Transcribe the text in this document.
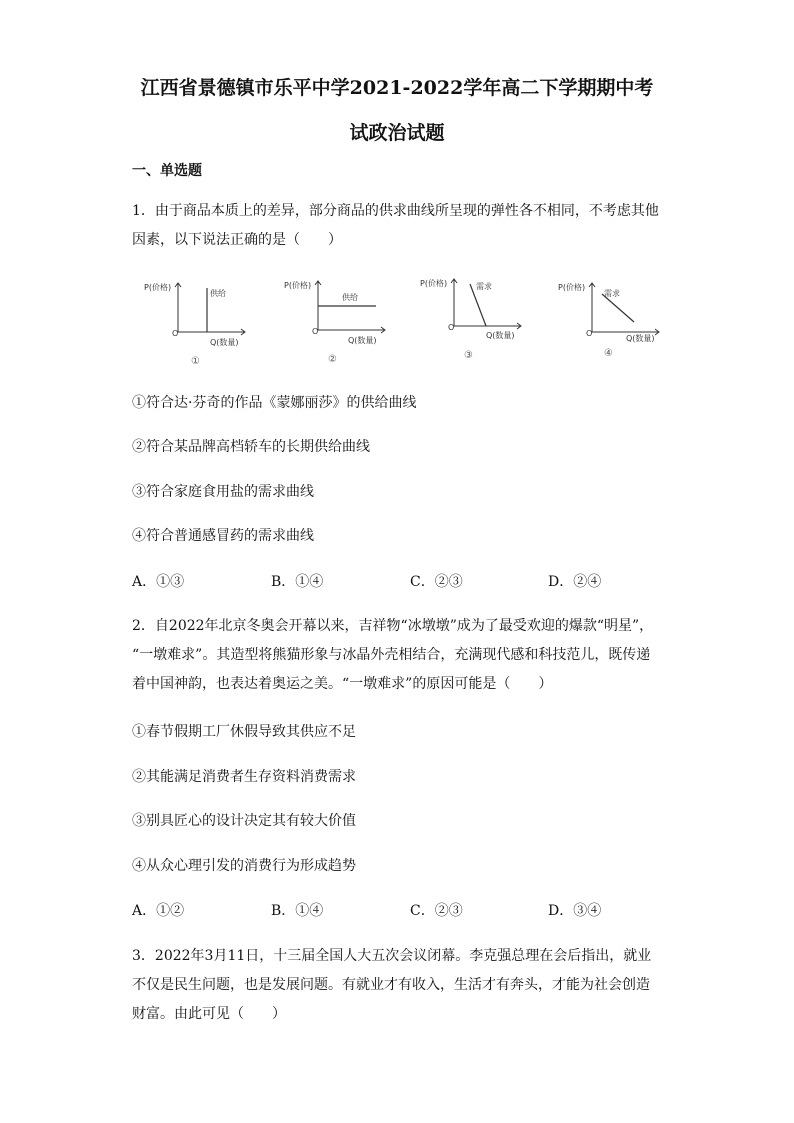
江西省景德镇市乐平中学2021-2022学年高二下学期期中考
试政治试题
一、单选题
1．由于商品本质上的差异，部分商品的供求曲线所呈现的弹性各不相同，不考虑其他
因素，以下说法正确的是（　　）
P(价格)
O
供给
Q(数量)
①
P(价格)
O
供给
Q(数量)
②
P(价格)
O
需求
Q(数量)
③
P(价格)
O
需求
Q(数量)
④
①符合达·芬奇的作品《蒙娜丽莎》的供给曲线
②符合某品牌高档轿车的长期供给曲线
③符合家庭食用盐的需求曲线
④符合普通感冒药的需求曲线
A．①③	B．①④	C．②③	D．②④
2．自2022年北京冬奥会开幕以来，吉祥物“冰墩墩”成为了最受欢迎的爆款“明星”，
“一墩难求”。其造型将熊猫形象与冰晶外壳相结合，充满现代感和科技范儿，既传递
着中国神韵，也表达着奥运之美。“一墩难求”的原因可能是（　　）
①春节假期工厂休假导致其供应不足
②其能满足消费者生存资料消费需求
③别具匠心的设计决定其有较大价值
④从众心理引发的消费行为形成趋势
A．①②	B．①④	C．②③	D．③④
3．2022年3月11日，十三届全国人大五次会议闭幕。李克强总理在会后指出，就业
不仅是民生问题，也是发展问题。有就业才有收入，生活才有奔头，才能为社会创造
财富。由此可见（　　）
